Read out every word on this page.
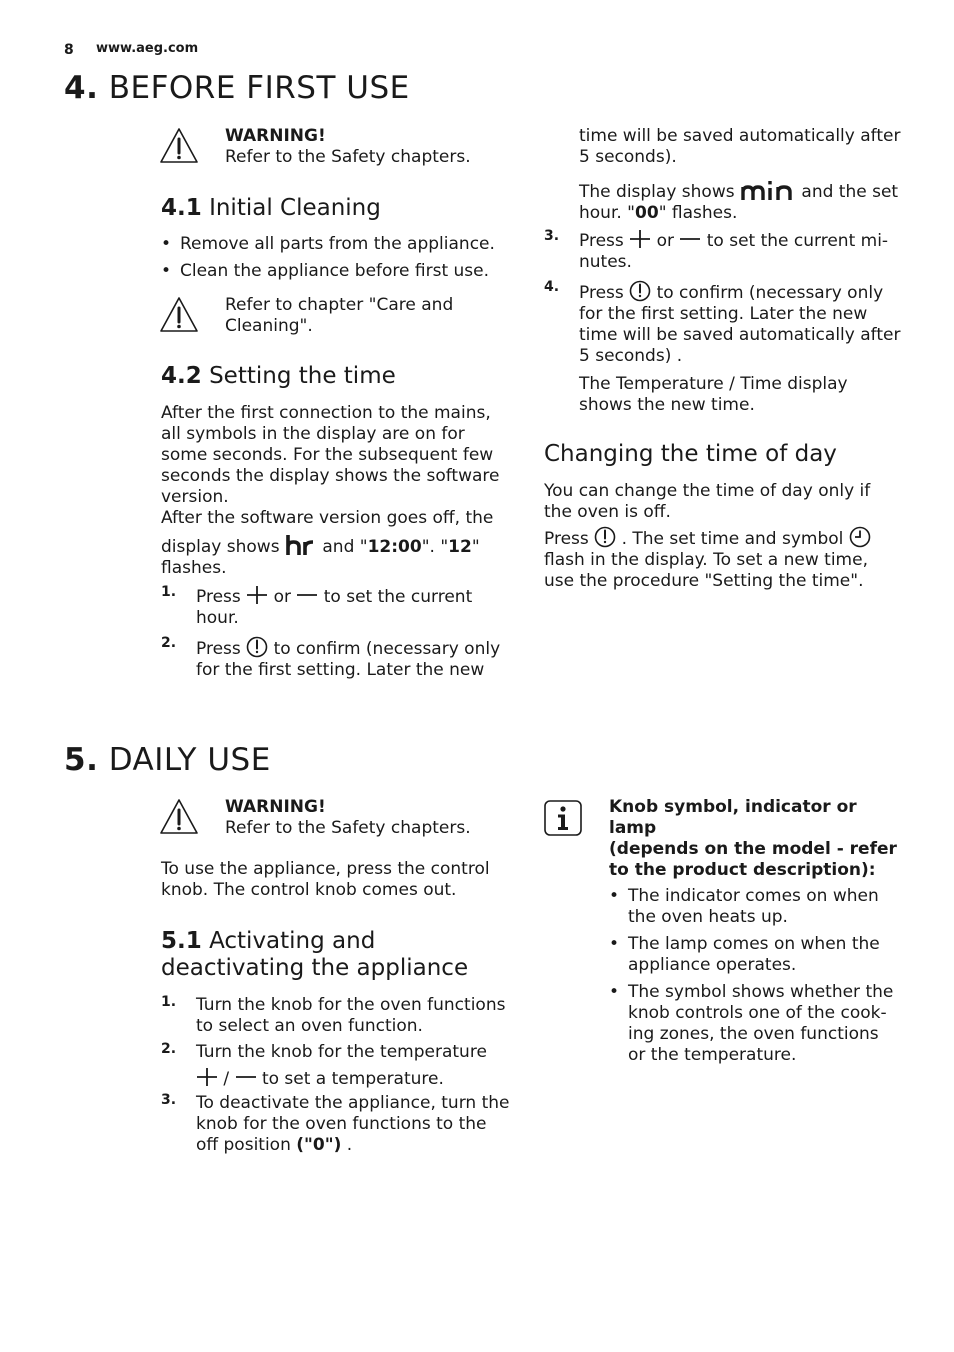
8 www.aeg.com
4. BEFORE FIRST USE

WARNING!

Refer to the Safety chapters.

4.1 Initial Cleaning
• Remove all parts from the appliance.
• Clean the appliance before first use.

Refer to chapter "Care and

Cleaning".

4.2 Setting the time

After the first connection to the mains,

all symbols in the display are on for

some seconds. For the subsequent few

seconds the display shows the software

version.

After the software version goes off, the

display shows	and "12:00". "12"

flashes.

1.	Press or to set the current

hour.

2.	Press to confirm (necessary only

for the first setting. Later the new

time will be saved automatically after

5 seconds).

The display shows	and the set

hour. "00" flashes.

3.	Press or to set the current mi-

nutes.

4.	Press to confirm (necessary only

for the first setting. Later the new

time will be saved automatically after

5 seconds) .

The Temperature / Time display

shows the new time.

Changing the time of day

You can change the time of day only if

the oven is off.

Press . The set time and symbol

flash in the display. To set a new time,

use the procedure "Setting the time".

5. DAILY USE

WARNING!

Refer to the Safety chapters.

To use the appliance, press the control

knob. The control knob comes out.

5.1 Activating and

deactivating the appliance

1.	Turn the knob for the oven functions

to select an oven function.

2.	Turn the knob for the temperature

/ to set a temperature.

3.	To deactivate the appliance, turn the

knob for the oven functions to the

off position ("0") .

Knob symbol, indicator or lamp

(depends on the model - refer

to the product description):

• The indicator comes on when

the oven heats up.

• The lamp comes on when the

appliance operates.

• The symbol shows whether the

knob controls one of the cook-

ing zones, the oven functions

or the temperature.
